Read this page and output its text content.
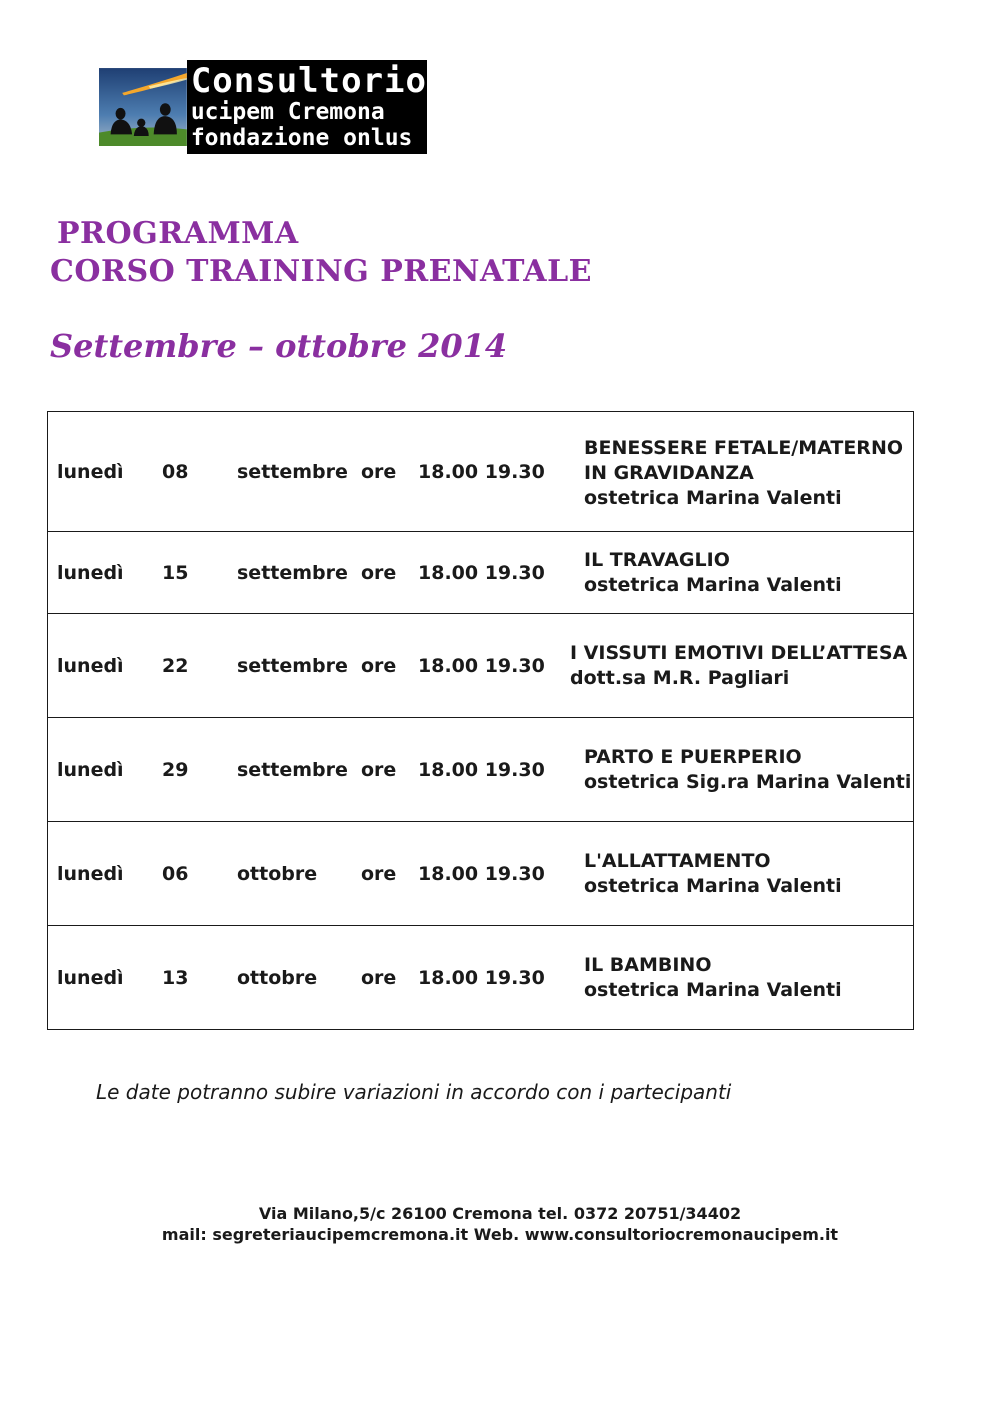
Consultorio
ucipem Cremona
fondazione onlus
PROGRAMMA
CORSO TRAINING PRENATALE
Settembre – ottobre 2014
lunedì	08	settembre	ore	18.00 19.30	BENESSERE FETALE/MATERNO
IN GRAVIDANZA
ostetrica Marina Valenti

lunedì	15	settembre	ore	18.00 19.30	IL TRAVAGLIO
ostetrica Marina Valenti

lunedì	22	settembre	ore	18.00 19.30	I VISSUTI EMOTIVI DELL’ATTESA
dott.sa M.R. Pagliari

lunedì	29	settembre	ore	18.00 19.30	PARTO E PUERPERIO
ostetrica Sig.ra Marina Valenti

lunedì	06	ottobre	ore	18.00 19.30	L'ALLATTAMENTO
ostetrica Marina Valenti

lunedì	13	ottobre	ore	18.00 19.30	IL BAMBINO
ostetrica Marina Valenti

Le date potranno subire variazioni in accordo con i partecipanti

Via Milano,5/c 26100 Cremona tel. 0372 20751/34402
mail: segreteriaucipemcremona.it Web. www.consultoriocremonaucipem.it
